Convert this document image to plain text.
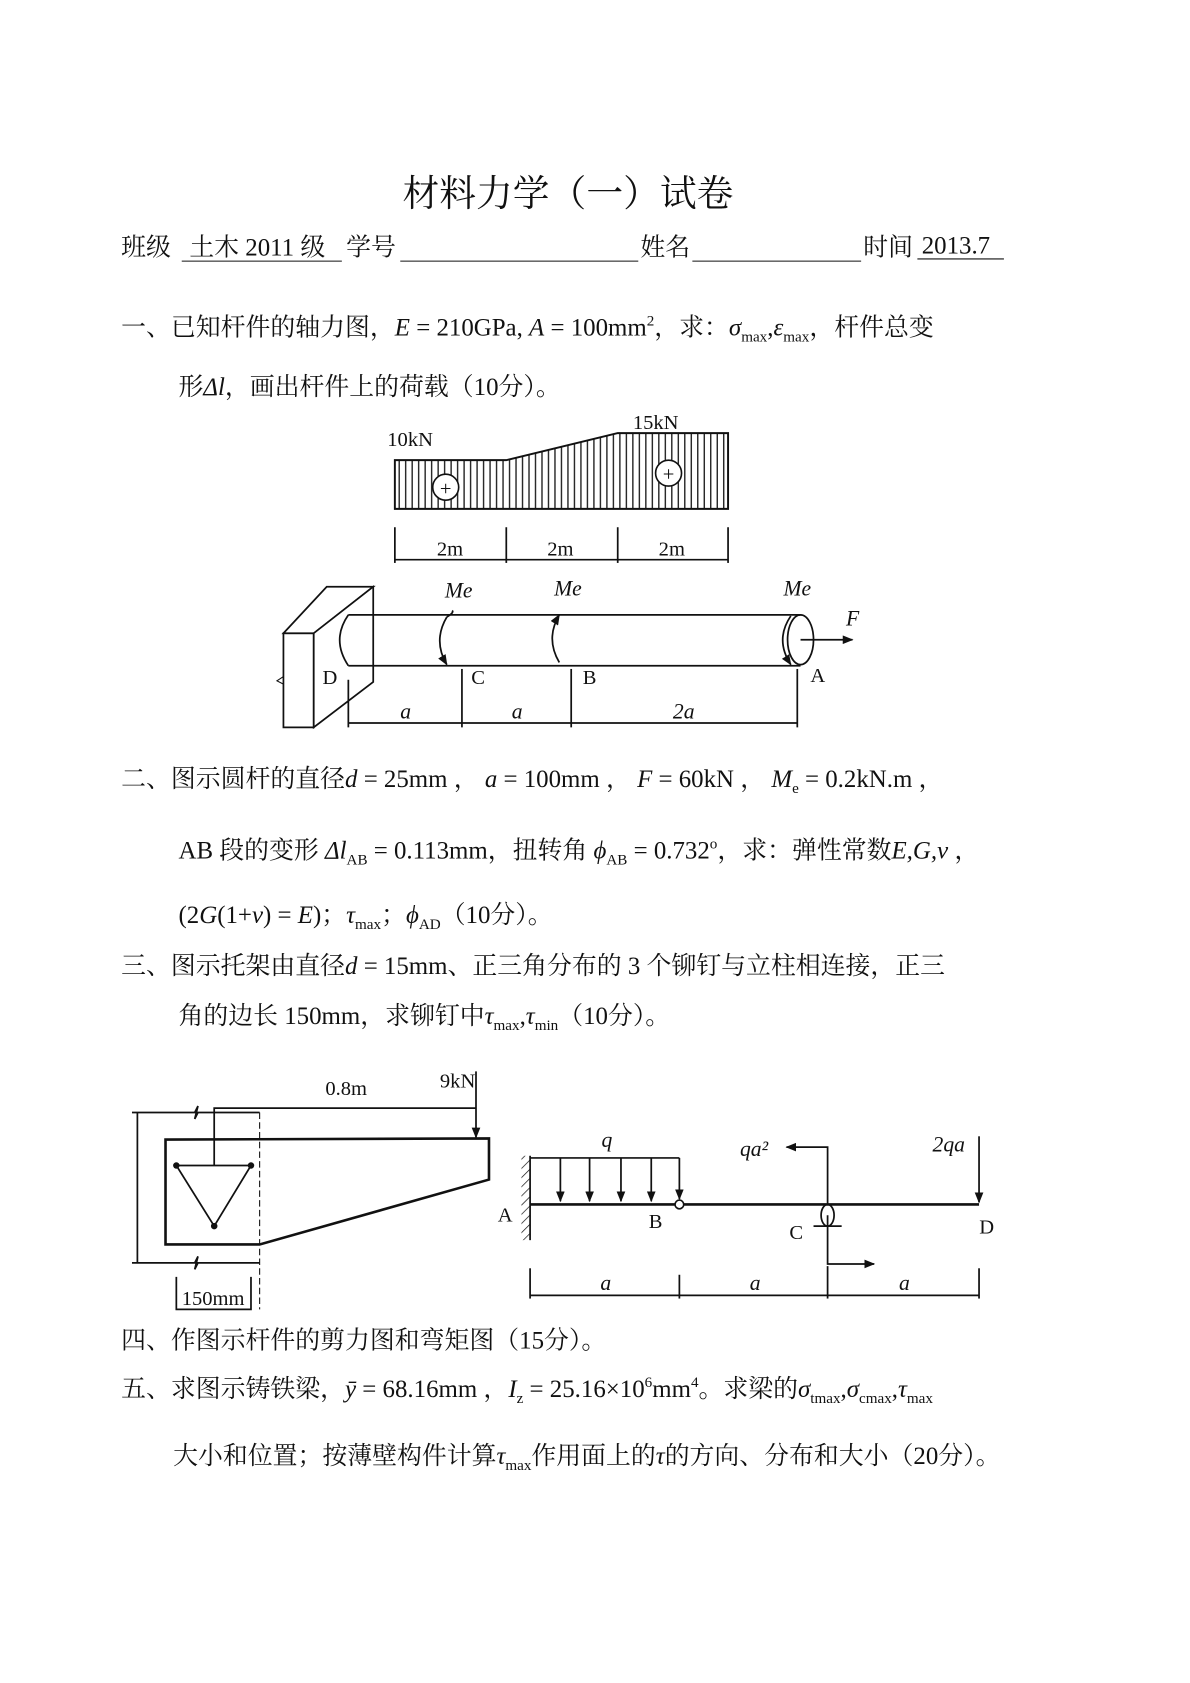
材料力学（一）试卷
班级 土木 2011 级 学号	姓名	时间 2013.7
一、已知杆件的轴力图，E = 210GPa, A = 100mm2，求：σmax,εmax，杆件总变
形Δl，画出杆件上的荷载（10分）。
+
+
10kN
15kN
2m	2m	2m
Me	Me	Me
F
D	C	B	A
a	a	2a
二、图示圆杆的直径d = 25mm ， a = 100mm ， F = 60kN ， Me = 0.2kN.m ，
AB 段的变形 ΔlAB = 0.113mm，扭转角 ϕAB = 0.732o，求：弹性常数E,G,ν ，
(2G(1+ν) = E)；τmax；ϕAD（10分）。
三、图示托架由直径d = 15mm、正三角分布的 3 个铆钉与立柱相连接，正三
角的边长 150mm，求铆钉中τmax,τmin（10分）。
0.8m	9kN
150mm
q	qa²	2qa
A	B	C	D
a	a	a
四、作图示杆件的剪力图和弯矩图（15分）。
五、求图示铸铁梁，ȳ = 68.16mm ，Iz = 25.16×106mm4。求梁的σtmax,σcmax,τmax
大小和位置；按薄壁构件计算τmax作用面上的τ的方向、分布和大小（20分）。
